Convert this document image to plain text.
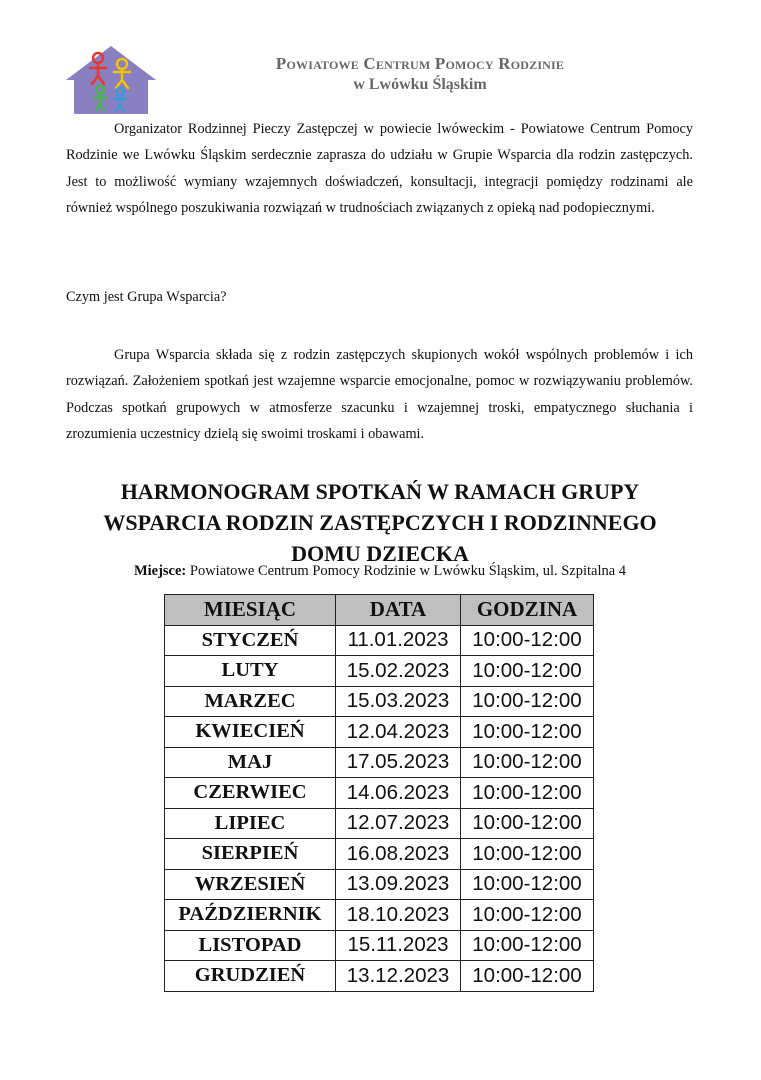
Powiatowe Centrum Pomocy Rodzinie
w Lwówku Śląskim

Organizator Rodzinnej Pieczy Zastępczej w powiecie lwóweckim - Powiatowe Centrum Pomocy Rodzinie we Lwówku Śląskim serdecznie zaprasza do udziału w Grupie Wsparcia dla rodzin zastępczych. Jest to możliwość wymiany wzajemnych doświadczeń, konsultacji, integracji pomiędzy rodzinami ale również wspólnego poszukiwania rozwiązań w trudnościach związanych z opieką nad podopiecznymi.

Czym jest Grupa Wsparcia?

Grupa Wsparcia składa się z rodzin zastępczych skupionych wokół wspólnych problemów i ich rozwiązań. Założeniem spotkań jest wzajemne wsparcie emocjonalne, pomoc w rozwiązywaniu problemów. Podczas spotkań grupowych w atmosferze szacunku i wzajemnej troski, empatycznego słuchania i zrozumienia uczestnicy dzielą się swoimi troskami i obawami.

HARMONOGRAM SPOTKAŃ W RAMACH GRUPY
WSPARCIA RODZIN ZASTĘPCZYCH I RODZINNEGO
DOMU DZIECKA
Miejsce: Powiatowe Centrum Pomocy Rodzinie w Lwówku Śląskim, ul. Szpitalna 4
MIESIĄC	DATA	GODZINA
STYCZEŃ	11.01.2023	10:00-12:00
LUTY	15.02.2023	10:00-12:00
MARZEC	15.03.2023	10:00-12:00
KWIECIEŃ	12.04.2023	10:00-12:00
MAJ	17.05.2023	10:00-12:00
CZERWIEC	14.06.2023	10:00-12:00
LIPIEC	12.07.2023	10:00-12:00
SIERPIEŃ	16.08.2023	10:00-12:00
WRZESIEŃ	13.09.2023	10:00-12:00
PAŹDZIERNIK	18.10.2023	10:00-12:00
LISTOPAD	15.11.2023	10:00-12:00
GRUDZIEŃ	13.12.2023	10:00-12:00
